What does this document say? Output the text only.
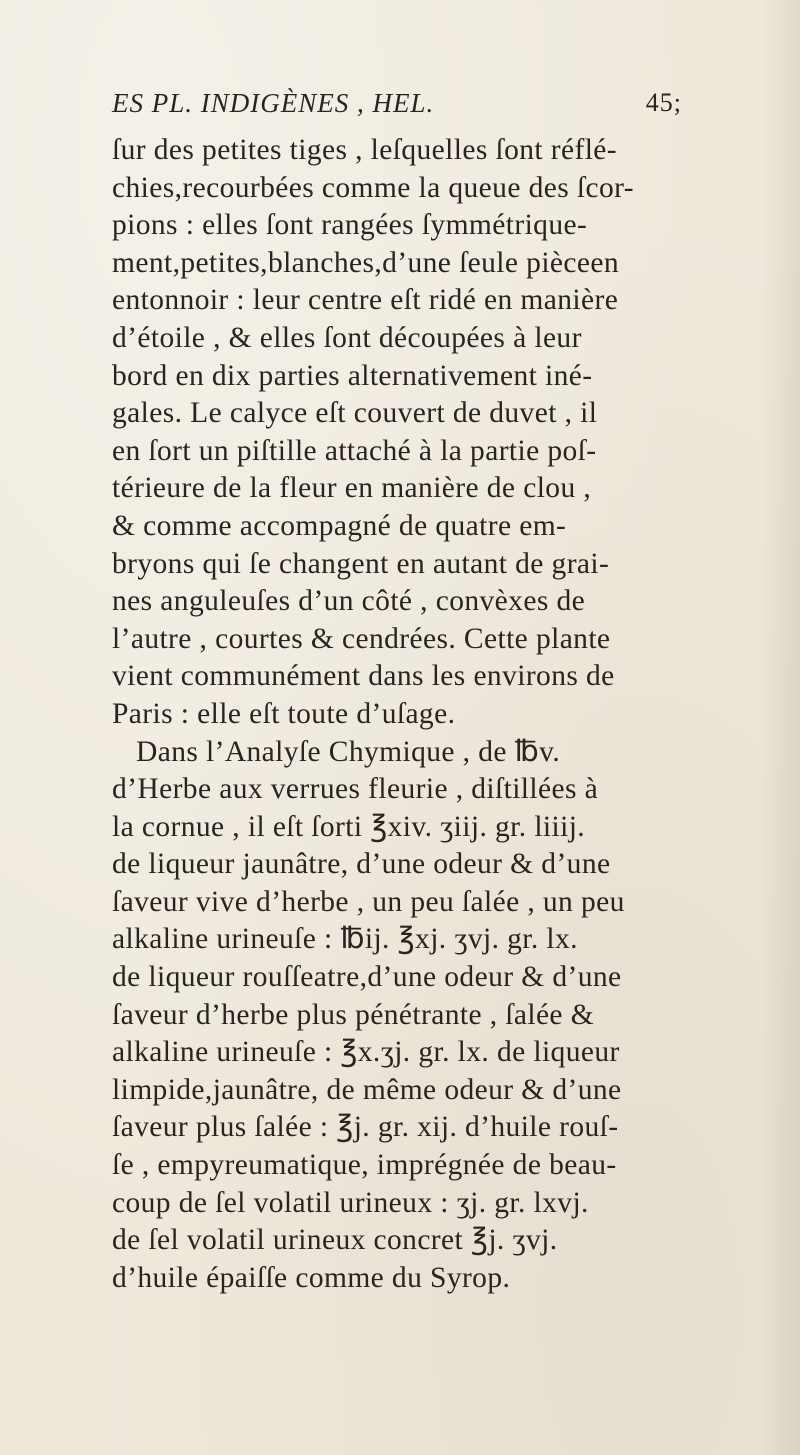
ES PL. INDIGÈNES , HEL.	45;
ſur des petites tiges , leſquelles ſont réflé-
chies,recourbées comme la queue des ſcor-
pions : elles ſont rangées ſymmétrique-
ment,petites,blanches,d’une ſeule pièceen
entonnoir : leur centre eſt ridé en manière
d’étoile , & elles ſont découpées à leur
bord en dix parties alternativement iné-
gales. Le calyce eſt couvert de duvet , il
en ſort un piſtille attaché à la partie poſ-
térieure de la fleur en manière de clou ,
& comme accompagné de quatre em-
bryons qui ſe changent en autant de grai-
nes anguleuſes d’un côté , convèxes de
l’autre , courtes & cendrées. Cette plante
vient communément dans les environs de
Paris : elle eſt toute d’uſage.
Dans l’Analyſe Chymique , de ℔v.
d’Herbe aux verrues fleurie , diſtillées à
la cornue , il eſt ſorti ℥xiv. ʒiij. gr. liiij.
de liqueur jaunâtre, d’une odeur & d’une
ſaveur vive d’herbe , un peu ſalée , un peu
alkaline urineuſe : ℔ij. ℥xj. ʒvj. gr. lx.
de liqueur rouſſeatre,d’une odeur & d’une
ſaveur d’herbe plus pénétrante , ſalée &
alkaline urineuſe : ℥x.ʒj. gr. lx. de liqueur
limpide,jaunâtre, de même odeur & d’une
ſaveur plus ſalée : ℥j. gr. xij. d’huile rouſ-
ſe , empyreumatique, imprégnée de beau-
coup de ſel volatil urineux : ʒj. gr. lxvj.
de ſel volatil urineux concret ℥j. ʒvj.
d’huile épaiſſe comme du Syrop.
